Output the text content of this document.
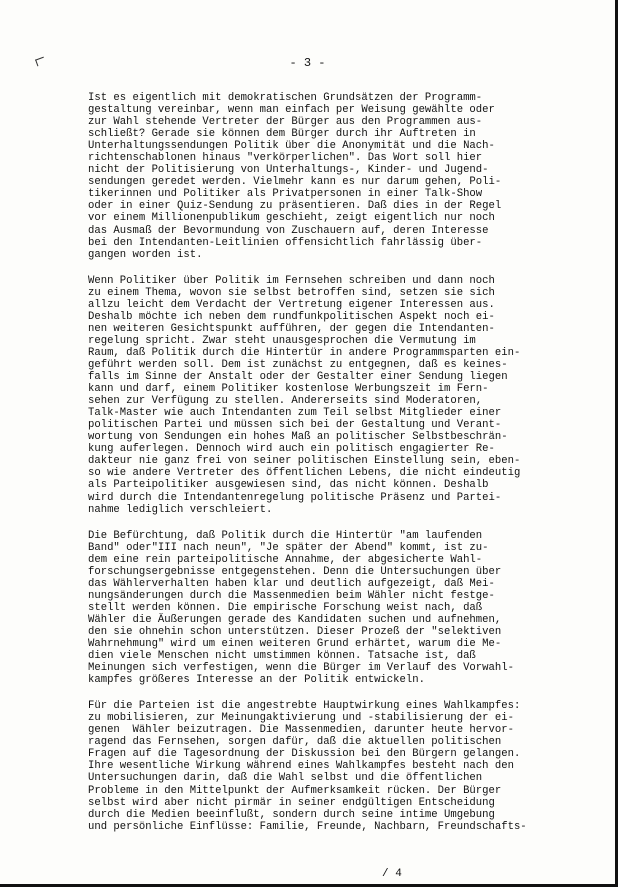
- 3 -
Ist es eigentlich mit demokratischen Grundsätzen der Programm-
gestaltung vereinbar, wenn man einfach per Weisung gewählte oder
zur Wahl stehende Vertreter der Bürger aus den Programmen aus-
schließt? Gerade sie können dem Bürger durch ihr Auftreten in
Unterhaltungssendungen Politik über die Anonymität und die Nach-
richtenschablonen hinaus "verkörperlichen". Das Wort soll hier
nicht der Politisierung von Unterhaltungs-, Kinder- und Jugend-
sendungen geredet werden. Vielmehr kann es nur darum gehen, Poli-
tikerinnen und Politiker als Privatpersonen in einer Talk-Show
oder in einer Quiz-Sendung zu präsentieren. Daß dies in der Regel
vor einem Millionenpublikum geschieht, zeigt eigentlich nur noch
das Ausmaß der Bevormundung von Zuschauern auf, deren Interesse
bei den Intendanten-Leitlinien offensichtlich fahrlässig über-
gangen worden ist.
Wenn Politiker über Politik im Fernsehen schreiben und dann noch
zu einem Thema, wovon sie selbst betroffen sind, setzen sie sich
allzu leicht dem Verdacht der Vertretung eigener Interessen aus.
Deshalb möchte ich neben dem rundfunkpolitischen Aspekt noch ei-
nen weiteren Gesichtspunkt aufführen, der gegen die Intendanten-
regelung spricht. Zwar steht unausgesprochen die Vermutung im
Raum, daß Politik durch die Hintertür in andere Programmsparten ein-
geführt werden soll. Dem ist zunächst zu entgegnen, daß es keines-
falls im Sinne der Anstalt oder der Gestalter einer Sendung liegen
kann und darf, einem Politiker kostenlose Werbungszeit im Fern-
sehen zur Verfügung zu stellen. Andererseits sind Moderatoren,
Talk-Master wie auch Intendanten zum Teil selbst Mitglieder einer
politischen Partei und müssen sich bei der Gestaltung und Verant-
wortung von Sendungen ein hohes Maß an politischer Selbstbeschrän-
kung auferlegen. Dennoch wird auch ein politisch engagierter Re-
dakteur nie ganz frei von seiner politischen Einstellung sein, eben-
so wie andere Vertreter des öffentlichen Lebens, die nicht eindeutig
als Parteipolitiker ausgewiesen sind, das nicht können. Deshalb
wird durch die Intendantenregelung politische Präsenz und Partei-
nahme lediglich verschleiert.
Die Befürchtung, daß Politik durch die Hintertür "am laufenden
Band" oder"III nach neun", "Je später der Abend" kommt, ist zu-
dem eine rein parteipolitische Annahme, der abgesicherte Wahl-
forschungsergebnisse entgegenstehen. Denn die Untersuchungen über
das Wählerverhalten haben klar und deutlich aufgezeigt, daß Mei-
nungsänderungen durch die Massenmedien beim Wähler nicht festge-
stellt werden können. Die empirische Forschung weist nach, daß
Wähler die Äußerungen gerade des Kandidaten suchen und aufnehmen,
den sie ohnehin schon unterstützen. Dieser Prozeß der "selektiven
Wahrnehmung" wird um einen weiteren Grund erhärtet, warum die Me-
dien viele Menschen nicht umstimmen können. Tatsache ist, daß
Meinungen sich verfestigen, wenn die Bürger im Verlauf des Vorwahl-
kampfes größeres Interesse an der Politik entwickeln.
Für die Parteien ist die angestrebte Hauptwirkung eines Wahlkampfes:
zu mobilisieren, zur Meinungaktivierung und -stabilisierung der ei-
genen  Wähler beizutragen. Die Massenmedien, darunter heute hervor-
ragend das Fernsehen, sorgen dafür, daß die aktuellen politischen
Fragen auf die Tagesordnung der Diskussion bei den Bürgern gelangen.
Ihre wesentliche Wirkung während eines Wahlkampfes besteht nach den
Untersuchungen darin, daß die Wahl selbst und die öffentlichen
Probleme in den Mittelpunkt der Aufmerksamkeit rücken. Der Bürger
selbst wird aber nicht pirmär in seiner endgültigen Entscheidung
durch die Medien beeinflußt, sondern durch seine intime Umgebung
und persönliche Einflüsse: Familie, Freunde, Nachbarn, Freundschafts-
/ 4
